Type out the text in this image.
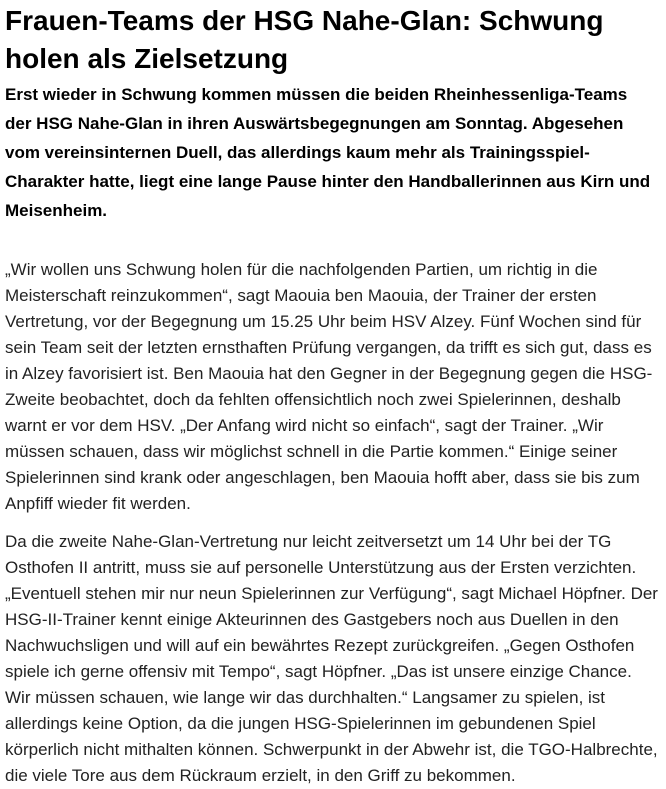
Frauen-Teams der HSG Nahe-Glan: Schwung holen als Zielsetzung

Erst wieder in Schwung kommen müssen die beiden Rheinhessenliga-Teams der HSG Nahe-Glan in ihren Auswärtsbegegnungen am Sonntag. Abgesehen vom vereinsinternen Duell, das allerdings kaum mehr als Trainingsspiel-Charakter hatte, liegt eine lange Pause hinter den Handballerinnen aus Kirn und Meisenheim.

„Wir wollen uns Schwung holen für die nachfolgenden Partien, um richtig in die Meisterschaft reinzukommen“, sagt Maouia ben Maouia, der Trainer der ersten Vertretung, vor der Begegnung um 15.25 Uhr beim HSV Alzey. Fünf Wochen sind für sein Team seit der letzten ernsthaften Prüfung vergangen, da trifft es sich gut, dass es in Alzey favorisiert ist. Ben Maouia hat den Gegner in der Begegnung gegen die HSG-Zweite beobachtet, doch da fehlten offensichtlich noch zwei Spielerinnen, deshalb warnt er vor dem HSV. „Der Anfang wird nicht so einfach“, sagt der Trainer. „Wir müssen schauen, dass wir möglichst schnell in die Partie kommen.“ Einige seiner Spielerinnen sind krank oder angeschlagen, ben Maouia hofft aber, dass sie bis zum Anpfiff wieder fit werden.

Da die zweite Nahe-Glan-Vertretung nur leicht zeitversetzt um 14 Uhr bei der TG Osthofen II antritt, muss sie auf personelle Unterstützung aus der Ersten verzichten. „Eventuell stehen mir nur neun Spielerinnen zur Verfügung“, sagt Michael Höpfner. Der HSG-II-Trainer kennt einige Akteurinnen des Gastgebers noch aus Duellen in den Nachwuchsligen und will auf ein bewährtes Rezept zurückgreifen. „Gegen Osthofen spiele ich gerne offensiv mit Tempo“, sagt Höpfner. „Das ist unsere einzige Chance. Wir müssen schauen, wie lange wir das durchhalten.“ Langsamer zu spielen, ist allerdings keine Option, da die jungen HSG-Spielerinnen im gebundenen Spiel körperlich nicht mithalten können. Schwerpunkt in der Abwehr ist, die TGO-Halbrechte, die viele Tore aus dem Rückraum erzielt, in den Griff zu bekommen.
